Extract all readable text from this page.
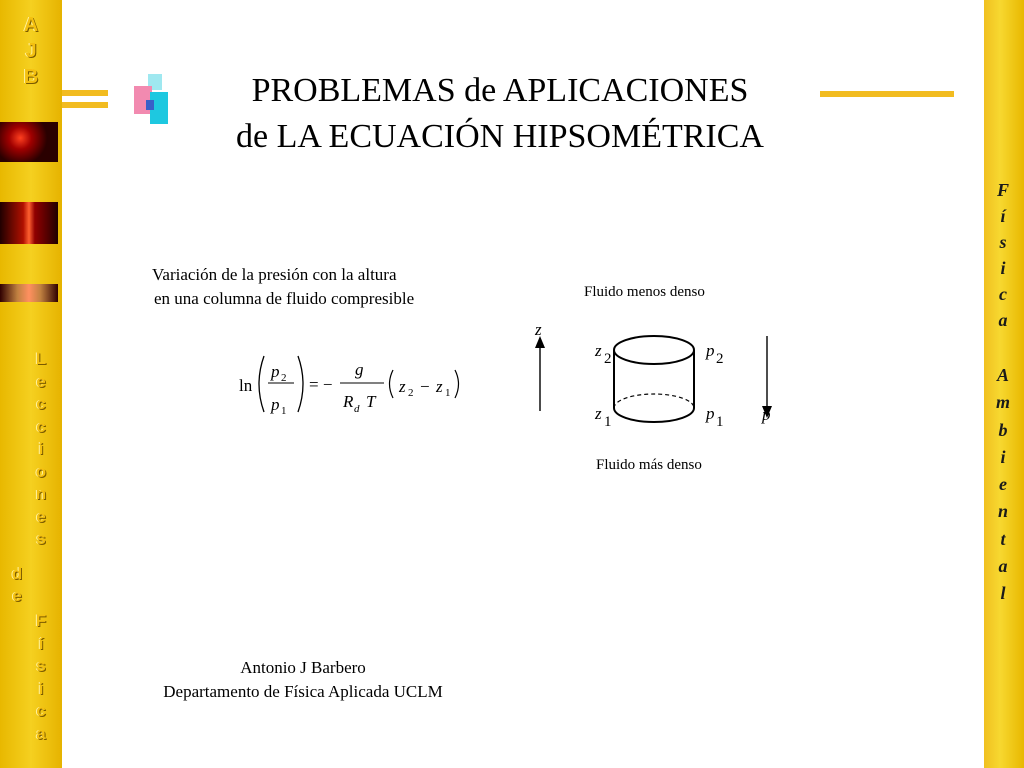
A
J
B
L
e
c
c
i
o
n
e
s
d
e
F
í
s
i
c
a
F
í
s
i
c
a
A
m
b
i
e
n
t
a
l
PROBLEMAS de APLICACIONES
de LA ECUACIÓN HIPSOMÉTRICA
Variación de la presión con la altura
en una columna de fluido compresible
ln
p 2
p 1
= −
g
R d T
z 2 − z 1
Fluido menos denso
Fluido más denso
z
p
z 2
z 1
p 2
p 1
Antonio J Barbero
Departamento de Física Aplicada UCLM
